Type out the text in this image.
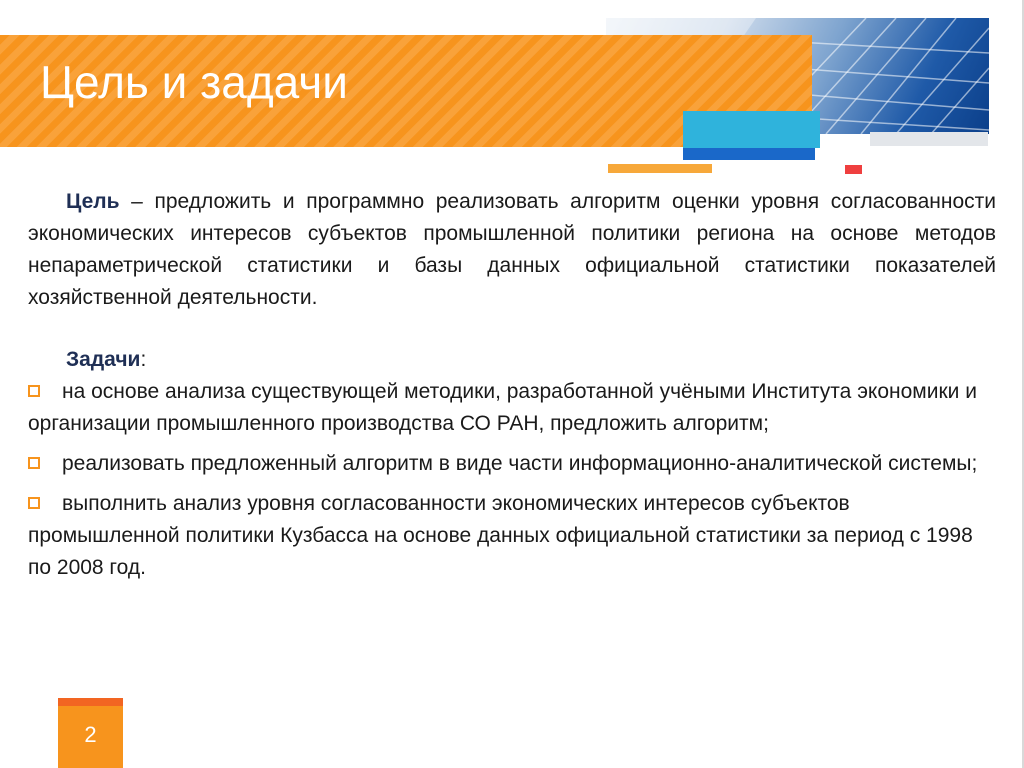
Цель и задачи

Цель – предложить и программно реализовать алгоритм оценки уровня согласованности экономических интересов субъектов промышленной политики региона на основе методов непараметрической статистики и базы данных официальной статистики показателей хозяйственной деятельности.

Задачи:

на основе анализа существующей методики, разработанной учёными Института экономики и организации промышленного производства СО РАН, предложить алгоритм;

реализовать предложенный алгоритм в виде части информационно-аналитической системы;

выполнить анализ уровня согласованности экономических интересов субъектов промышленной политики Кузбасса на основе данных официальной статистики за период с 1998 по 2008 год.

2
